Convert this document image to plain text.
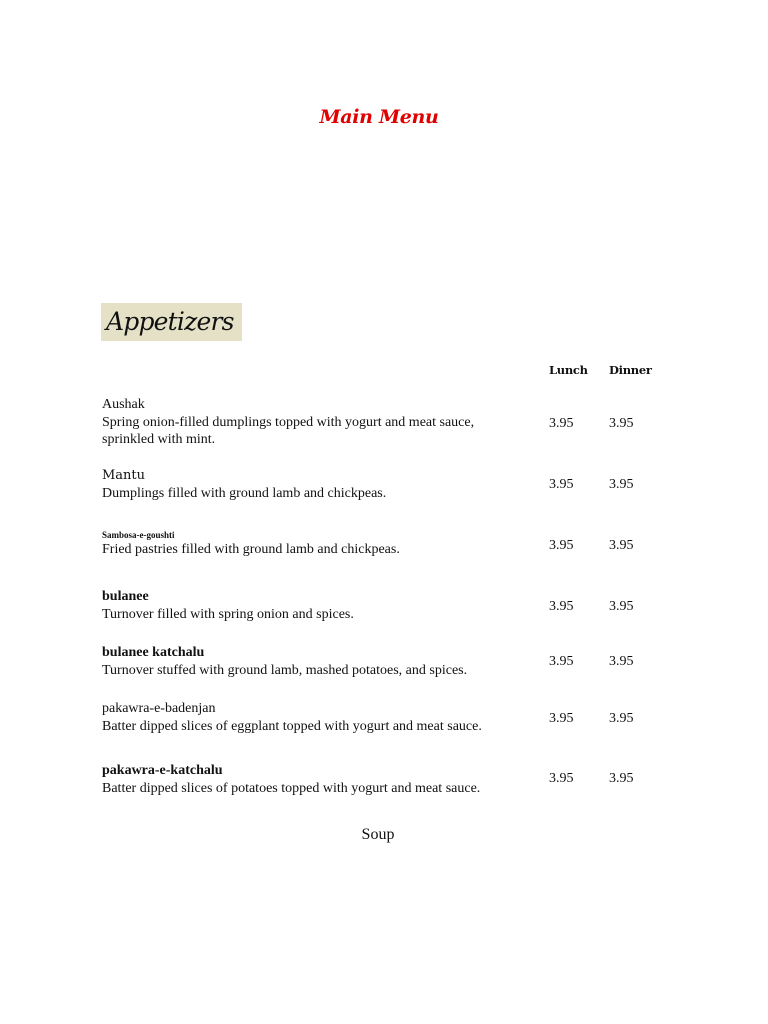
Main Menu
Appetizers
Lunch Dinner
Aushak
Spring onion-filled dumplings topped with yogurt and meat sauce, sprinkled with mint.
3.95	3.95
Mantu
Dumplings filled with ground lamb and chickpeas.
3.95	3.95
Sambosa-e-goushti
Fried pastries filled with ground lamb and chickpeas.	3.95	3.95
bulanee
Turnover filled with spring onion and spices.
3.95	3.95
bulanee katchalu
Turnover stuffed with ground lamb, mashed potatoes, and spices.
3.95	3.95
pakawra-e-badenjan
Batter dipped slices of eggplant topped with yogurt and meat sauce.
3.95	3.95
pakawra-e-katchalu
Batter dipped slices of potatoes topped with yogurt and meat sauce.
3.95	3.95
Soup
